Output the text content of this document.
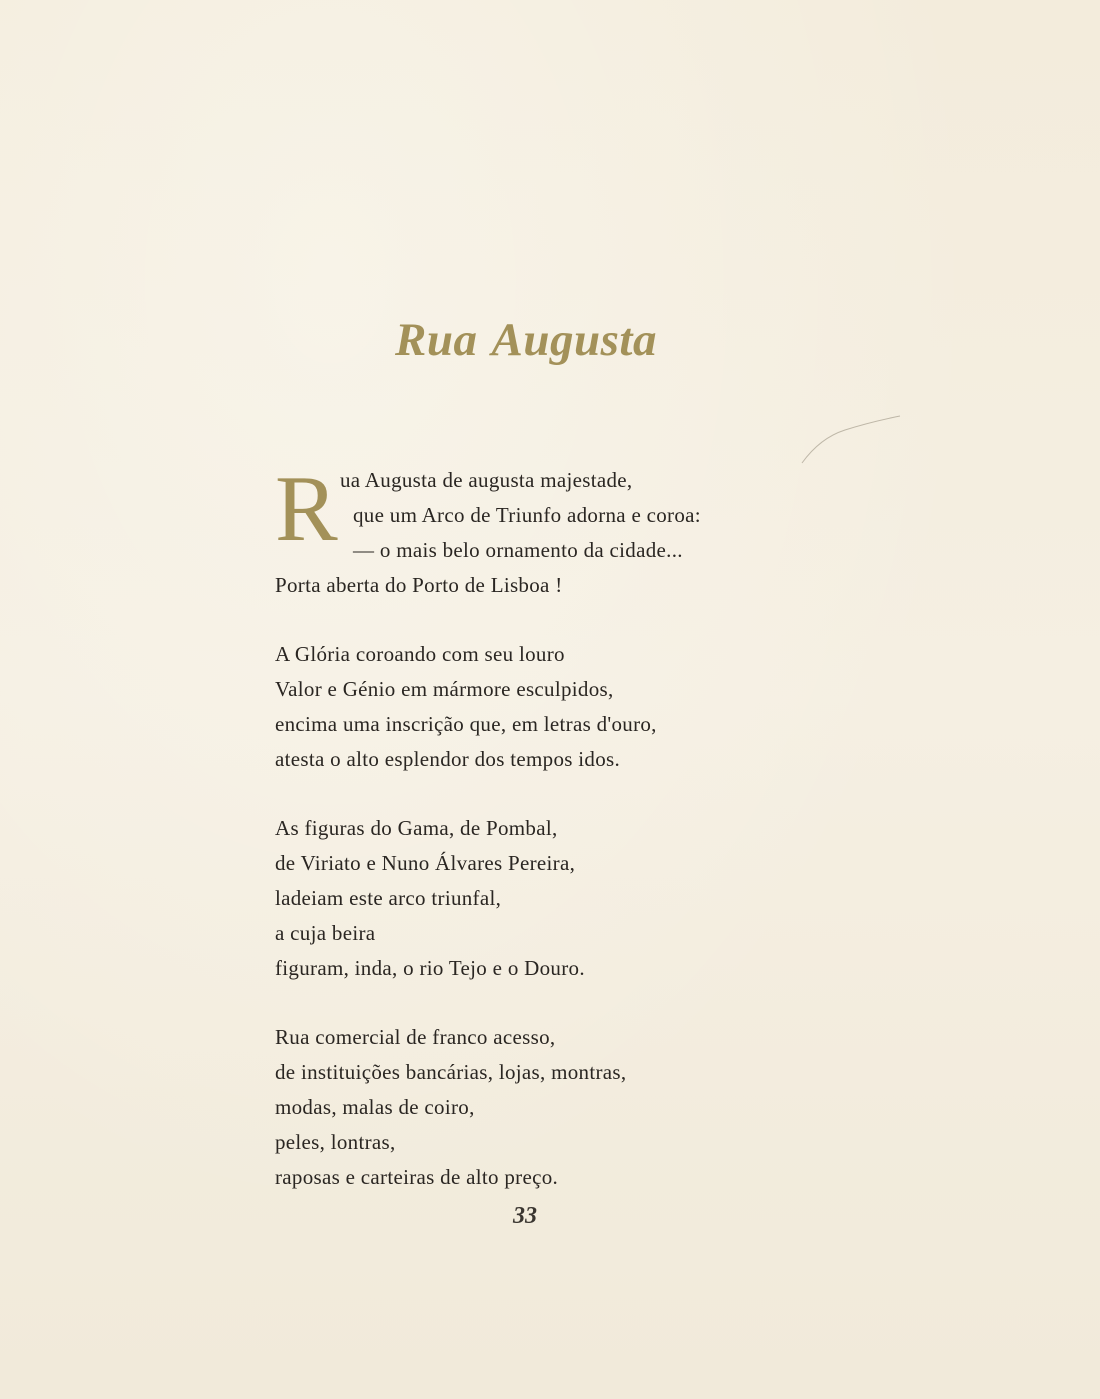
Rua Augusta
R ua Augusta de augusta majestade,
que um Arco de Triunfo adorna e coroa:
— o mais belo ornamento da cidade...
Porta aberta do Porto de Lisboa !
A Glória coroando com seu louro
Valor e Génio em mármore esculpidos,
encima uma inscrição que, em letras d'ouro,
atesta o alto esplendor dos tempos idos.
As figuras do Gama, de Pombal,
de Viriato e Nuno Álvares Pereira,
ladeiam este arco triunfal,
a cuja beira
figuram, inda, o rio Tejo e o Douro.
Rua comercial de franco acesso,
de instituições bancárias, lojas, montras,
modas, malas de coiro,
peles, lontras,
raposas e carteiras de alto preço.
33
